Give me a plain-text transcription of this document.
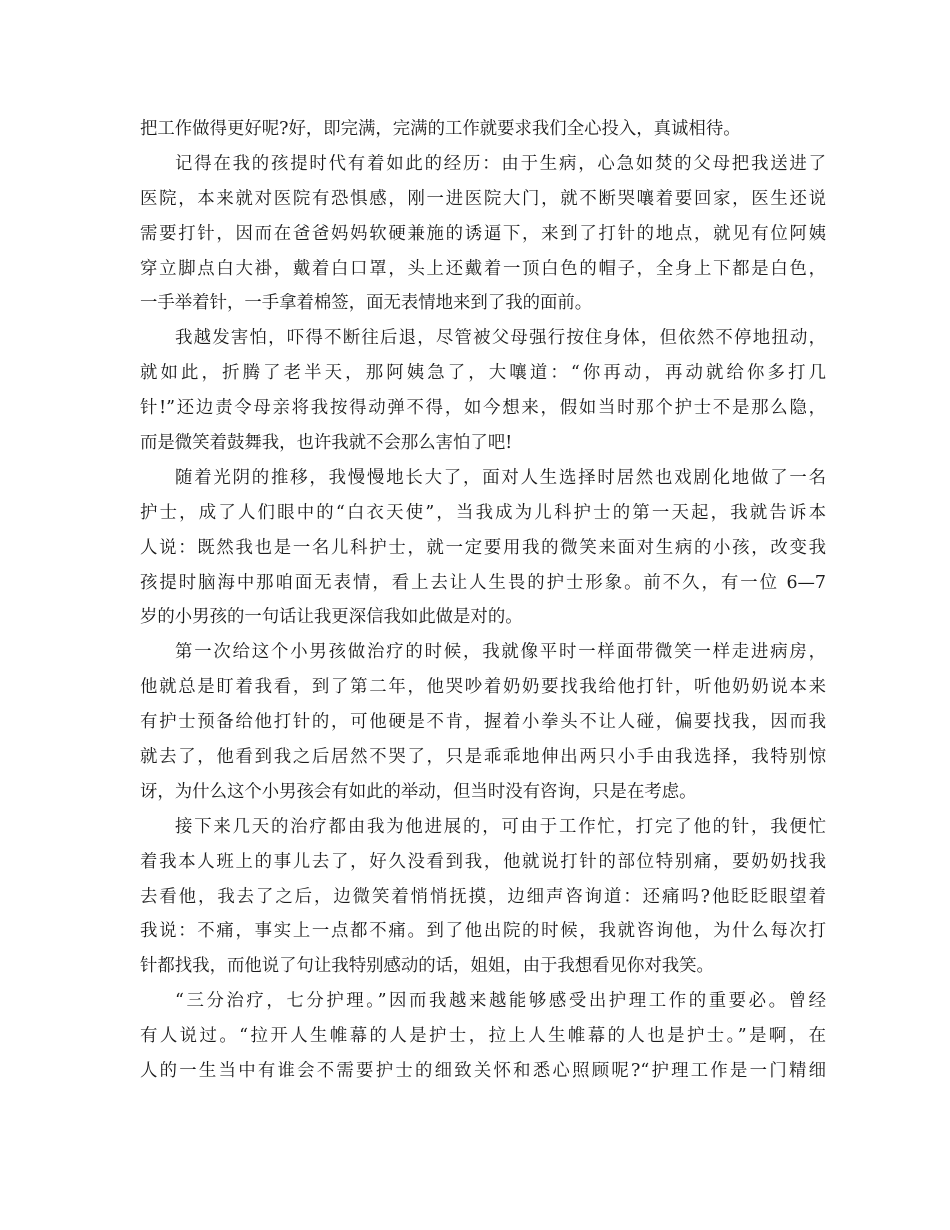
把工作做得更好呢?好，即完满，完满的工作就要求我们全心投入，真诚相待。
记得在我的孩提时代有着如此的经历：由于生病，心急如焚的父母把我送进了
医院，本来就对医院有恐惧感，刚一进医院大门，就不断哭嚷着要回家，医生还说
需要打针，因而在爸爸妈妈软硬兼施的诱逼下，来到了打针的地点，就见有位阿姨
穿立脚点白大褂，戴着白口罩，头上还戴着一顶白色的帽子，全身上下都是白色，
一手举着针，一手拿着棉签，面无表情地来到了我的面前。
我越发害怕，吓得不断往后退，尽管被父母强行按住身体，但依然不停地扭动，
就如此，折腾了老半天，那阿姨急了，大嚷道：“你再动，再动就给你多打几
针!”还边责令母亲将我按得动弹不得，如今想来，假如当时那个护士不是那么隐，
而是微笑着鼓舞我，也许我就不会那么害怕了吧!
随着光阴的推移，我慢慢地长大了，面对人生选择时居然也戏剧化地做了一名
护士，成了人们眼中的“白衣天使”，当我成为儿科护士的第一天起，我就告诉本
人说：既然我也是一名儿科护士，就一定要用我的微笑来面对生病的小孩，改变我
孩提时脑海中那咱面无表情，看上去让人生畏的护士形象。前不久，有一位 6—7
岁的小男孩的一句话让我更深信我如此做是对的。
第一次给这个小男孩做治疗的时候，我就像平时一样面带微笑一样走进病房，
他就总是盯着我看，到了第二年，他哭吵着奶奶要找我给他打针，听他奶奶说本来
有护士预备给他打针的，可他硬是不肯，握着小拳头不让人碰，偏要找我，因而我
就去了，他看到我之后居然不哭了，只是乖乖地伸出两只小手由我选择，我特别惊
讶，为什么这个小男孩会有如此的举动，但当时没有咨询，只是在考虑。
接下来几天的治疗都由我为他进展的，可由于工作忙，打完了他的针，我便忙
着我本人班上的事儿去了，好久没看到我，他就说打针的部位特别痛，要奶奶找我
去看他，我去了之后，边微笑着悄悄抚摸，边细声咨询道：还痛吗?他眨眨眼望着
我说：不痛，事实上一点都不痛。到了他出院的时候，我就咨询他，为什么每次打
针都找我，而他说了句让我特别感动的话，姐姐，由于我想看见你对我笑。
“三分治疗，七分护理。”因而我越来越能够感受出护理工作的重要必。曾经
有人说过。“拉开人生帷幕的人是护士，拉上人生帷幕的人也是护士。”是啊，在
人的一生当中有谁会不需要护士的细致关怀和悉心照顾呢?“护理工作是一门精细
